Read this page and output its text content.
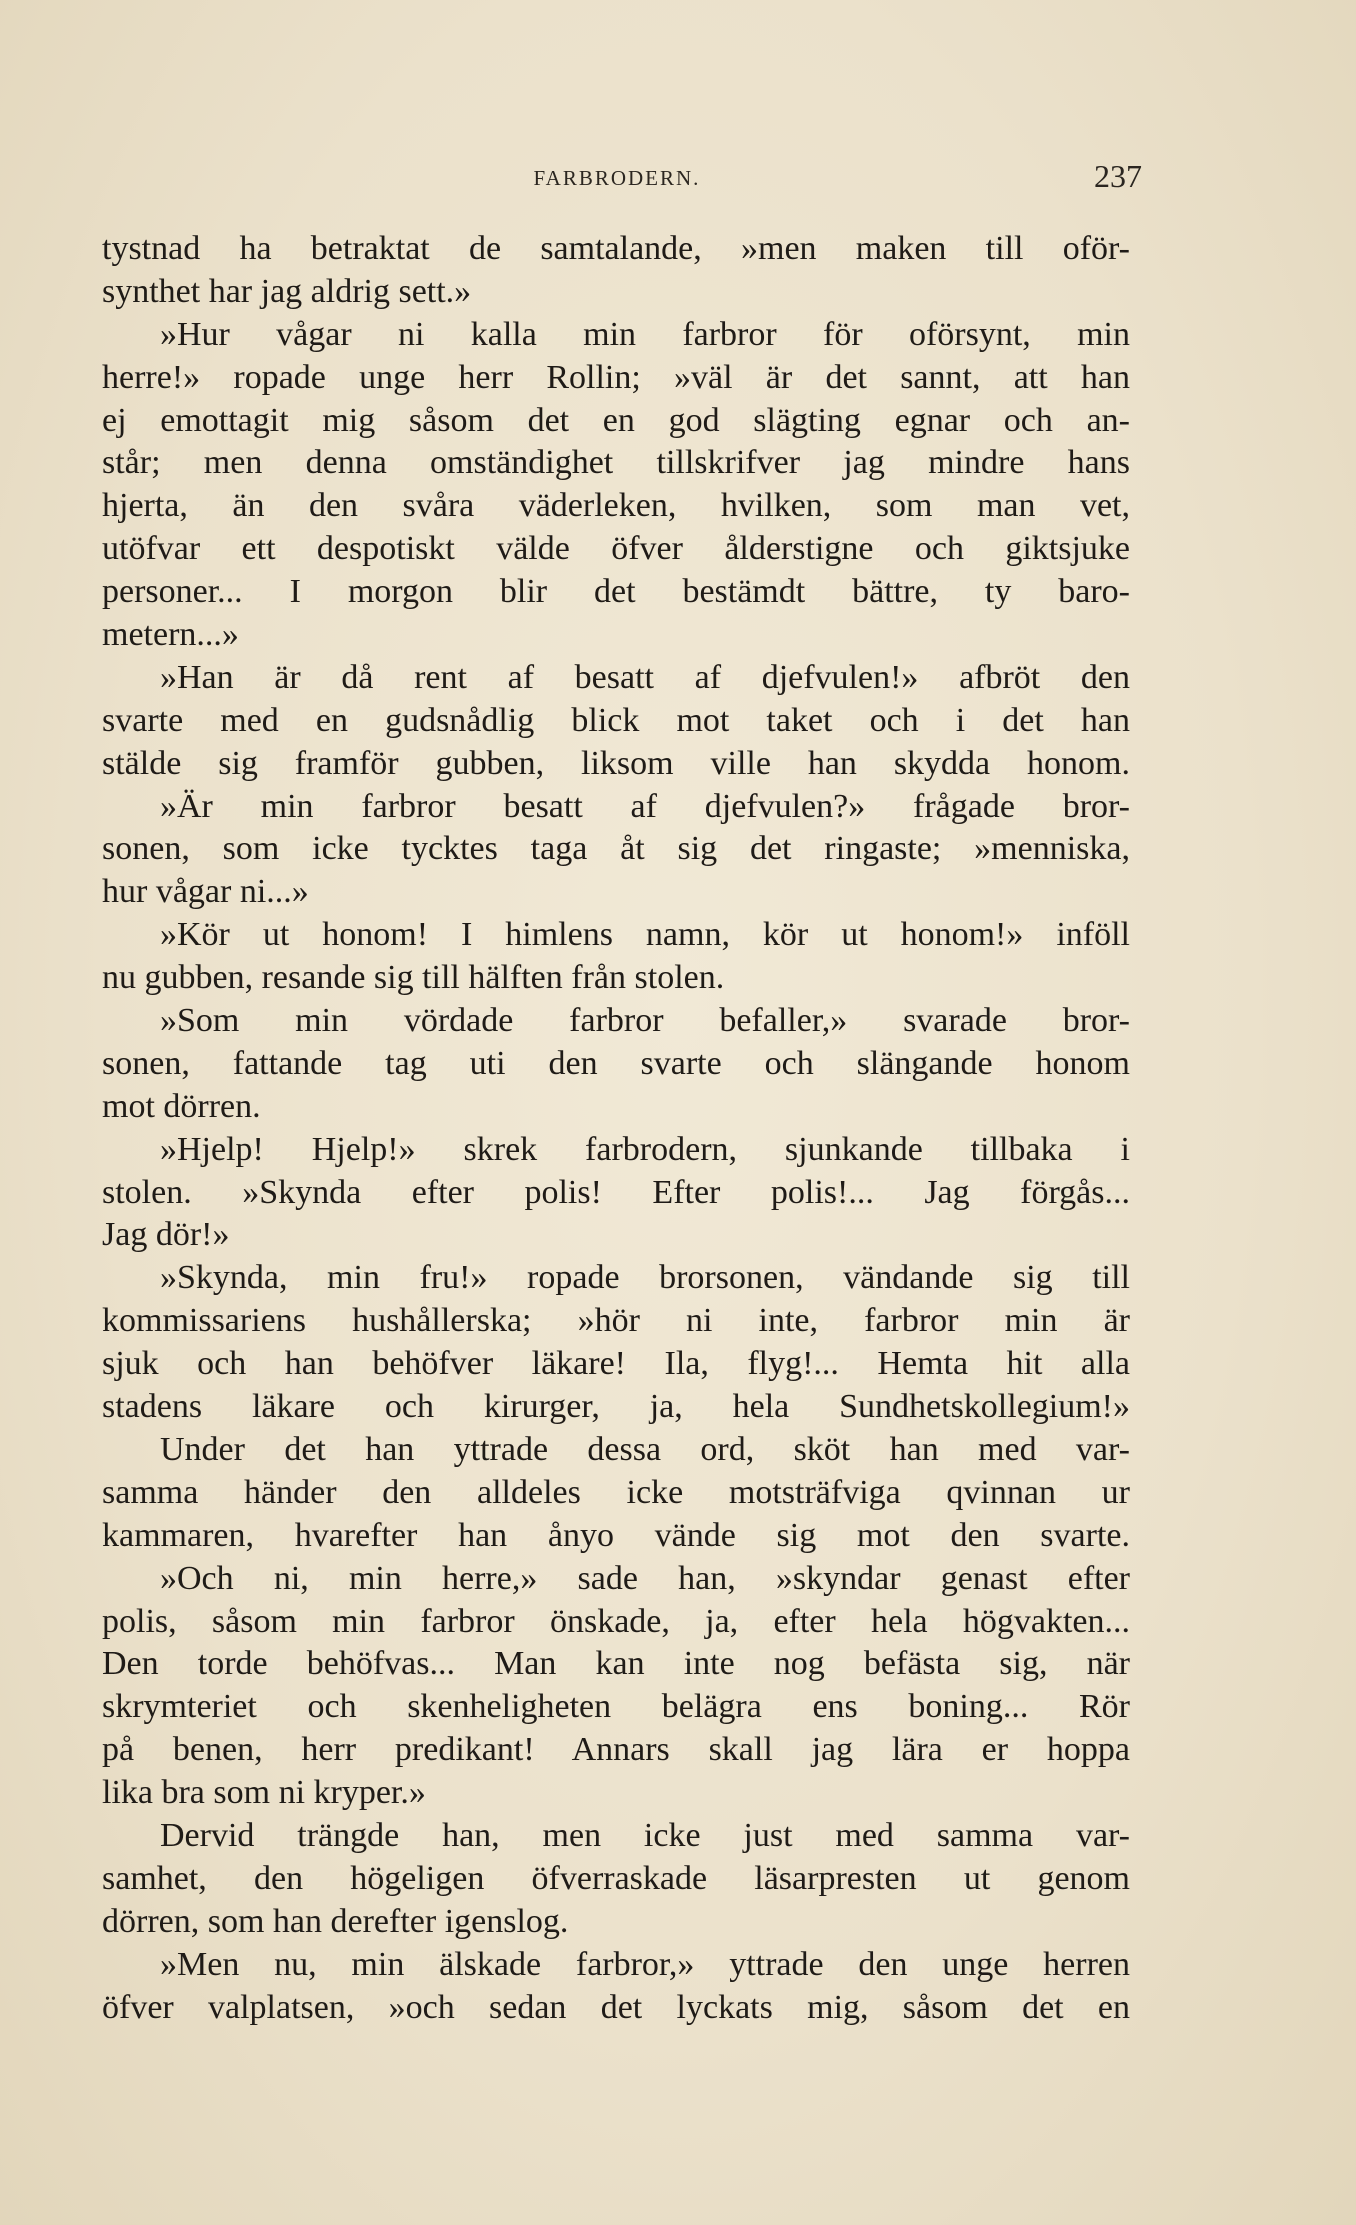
FARBRODERN.	237
tystnad ha betraktat de samtalande, »men maken till oför-
synthet har jag aldrig sett.»
»Hur vågar ni kalla min farbror för oförsynt, min
herre!» ropade unge herr Rollin; »väl är det sannt, att han
ej emottagit mig såsom det en god slägting egnar och an-
står; men denna omständighet tillskrifver jag mindre hans
hjerta, än den svåra väderleken, hvilken, som man vet,
utöfvar ett despotiskt välde öfver ålderstigne och giktsjuke
personer... I morgon blir det bestämdt bättre, ty baro-
metern...»
»Han är då rent af besatt af djefvulen!» afbröt den
svarte med en gudsnådlig blick mot taket och i det han
stälde sig framför gubben, liksom ville han skydda honom.
»Är min farbror besatt af djefvulen?» frågade bror-
sonen, som icke tycktes taga åt sig det ringaste; »menniska,
hur vågar ni...»
»Kör ut honom! I himlens namn, kör ut honom!» inföll
nu gubben, resande sig till hälften från stolen.
»Som min vördade farbror befaller,» svarade bror-
sonen, fattande tag uti den svarte och slängande honom
mot dörren.
»Hjelp! Hjelp!» skrek farbrodern, sjunkande tillbaka i
stolen. »Skynda efter polis! Efter polis!... Jag förgås...
Jag dör!»
»Skynda, min fru!» ropade brorsonen, vändande sig till
kommissariens hushållerska; »hör ni inte, farbror min är
sjuk och han behöfver läkare! Ila, flyg!... Hemta hit alla
stadens läkare och kirurger, ja, hela Sundhetskollegium!»
Under det han yttrade dessa ord, sköt han med var-
samma händer den alldeles icke motsträfviga qvinnan ur
kammaren, hvarefter han ånyo vände sig mot den svarte.
»Och ni, min herre,» sade han, »skyndar genast efter
polis, såsom min farbror önskade, ja, efter hela högvakten...
Den torde behöfvas... Man kan inte nog befästa sig, när
skrymteriet och skenheligheten belägra ens boning... Rör
på benen, herr predikant! Annars skall jag lära er hoppa
lika bra som ni kryper.»
Dervid trängde han, men icke just med samma var-
samhet, den högeligen öfverraskade läsarpresten ut genom
dörren, som han derefter igenslog.
»Men nu, min älskade farbror,» yttrade den unge herren
öfver valplatsen, »och sedan det lyckats mig, såsom det en
